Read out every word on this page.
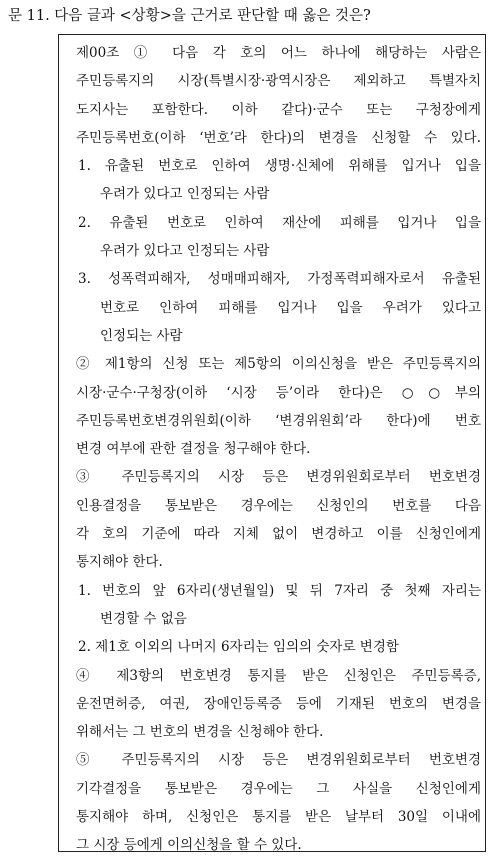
문 11. 다음 글과 <상황>을 근거로 판단할 때 옳은 것은?
제00조 ① 다음 각 호의 어느 하나에 해당하는 사람은
주민등록지의 시장(특별시장·광역시장은 제외하고 특별자치
도지사는 포함한다. 이하 같다)·군수 또는 구청장에게
주민등록번호(이하 ‘번호’라 한다)의 변경을 신청할 수 있다.
1. 유출된 번호로 인하여 생명·신체에 위해를 입거나 입을
우려가 있다고 인정되는 사람
2. 유출된 번호로 인하여 재산에 피해를 입거나 입을
우려가 있다고 인정되는 사람
3. 성폭력피해자, 성매매피해자, 가정폭력피해자로서 유출된
번호로 인하여 피해를 입거나 입을 우려가 있다고
인정되는 사람
② 제1항의 신청 또는 제5항의 이의신청을 받은 주민등록지의
시장·군수·구청장(이하 ‘시장 등’이라 한다)은 ○○부의
주민등록번호변경위원회(이하 ‘변경위원회’라 한다)에 번호
변경 여부에 관한 결정을 청구해야 한다.
③ 주민등록지의 시장 등은 변경위원회로부터 번호변경
인용결정을 통보받은 경우에는 신청인의 번호를 다음
각 호의 기준에 따라 지체 없이 변경하고 이를 신청인에게
통지해야 한다.
1. 번호의 앞 6자리(생년월일) 및 뒤 7자리 중 첫째 자리는
변경할 수 없음
2. 제1호 이외의 나머지 6자리는 임의의 숫자로 변경함
④ 제3항의 번호변경 통지를 받은 신청인은 주민등록증,
운전면허증, 여권, 장애인등록증 등에 기재된 번호의 변경을
위해서는 그 번호의 변경을 신청해야 한다.
⑤ 주민등록지의 시장 등은 변경위원회로부터 번호변경
기각결정을 통보받은 경우에는 그 사실을 신청인에게
통지해야 하며, 신청인은 통지를 받은 날부터 30일 이내에
그 시장 등에게 이의신청을 할 수 있다.
